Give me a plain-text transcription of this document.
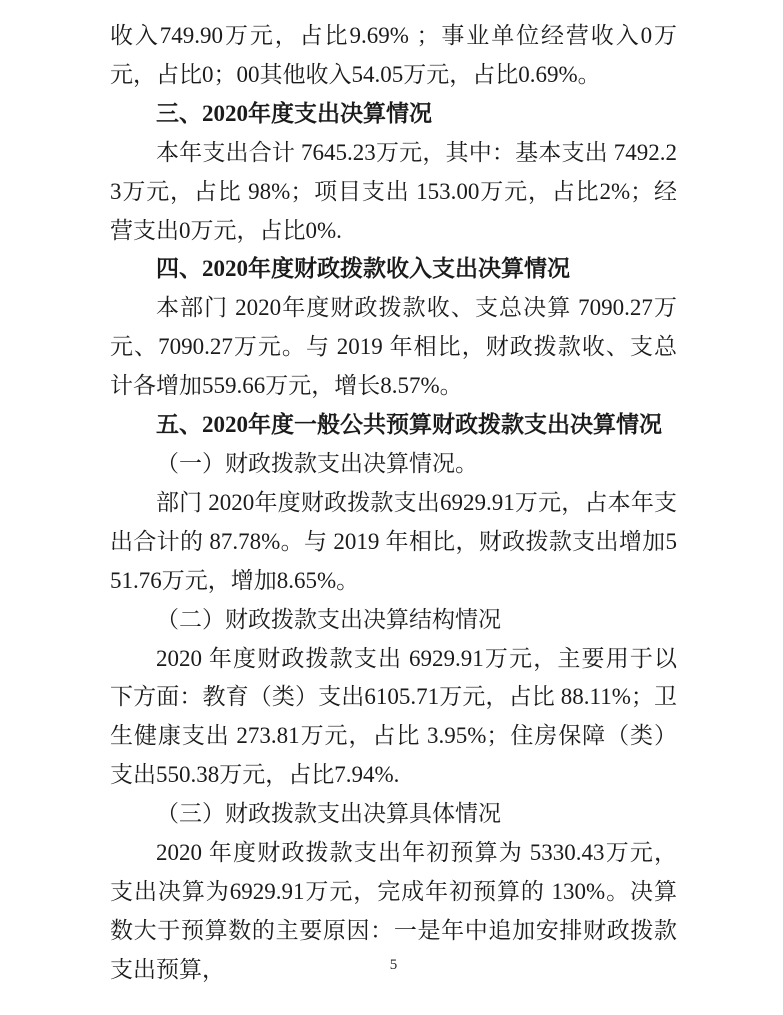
收入749.90万元，占比9.69% ；事业单位经营收入0万元，占比0；00其他收入54.05万元，占比0.69%。

三、2020年度支出决算情况

本年支出合计 7645.23万元，其中：基本支出 7492.23万元，占比 98%；项目支出 153.00万元，占比2%；经营支出0万元，占比0%.

四、2020年度财政拨款收入支出决算情况

本部门 2020年度财政拨款收、支总决算 7090.27万元、7090.27万元。与 2019 年相比，财政拨款收、支总计各增加559.66万元，增长8.57%。

五、2020年度一般公共预算财政拨款支出决算情况

（一）财政拨款支出决算情况。

部门 2020年度财政拨款支出6929.91万元，占本年支出合计的 87.78%。与 2019 年相比，财政拨款支出增加551.76万元，增加8.65%。

（二）财政拨款支出决算结构情况

2020 年度财政拨款支出 6929.91万元，主要用于以下方面：教育（类）支出6105.71万元，占比 88.11%；卫生健康支出 273.81万元，占比 3.95%；住房保障（类）支出550.38万元，占比7.94%.

（三）财政拨款支出决算具体情况

2020 年度财政拨款支出年初预算为 5330.43万元，支出决算为6929.91万元，完成年初预算的 130%。决算数大于预算数的主要原因：一是年中追加安排财政拨款支出预算，	5
